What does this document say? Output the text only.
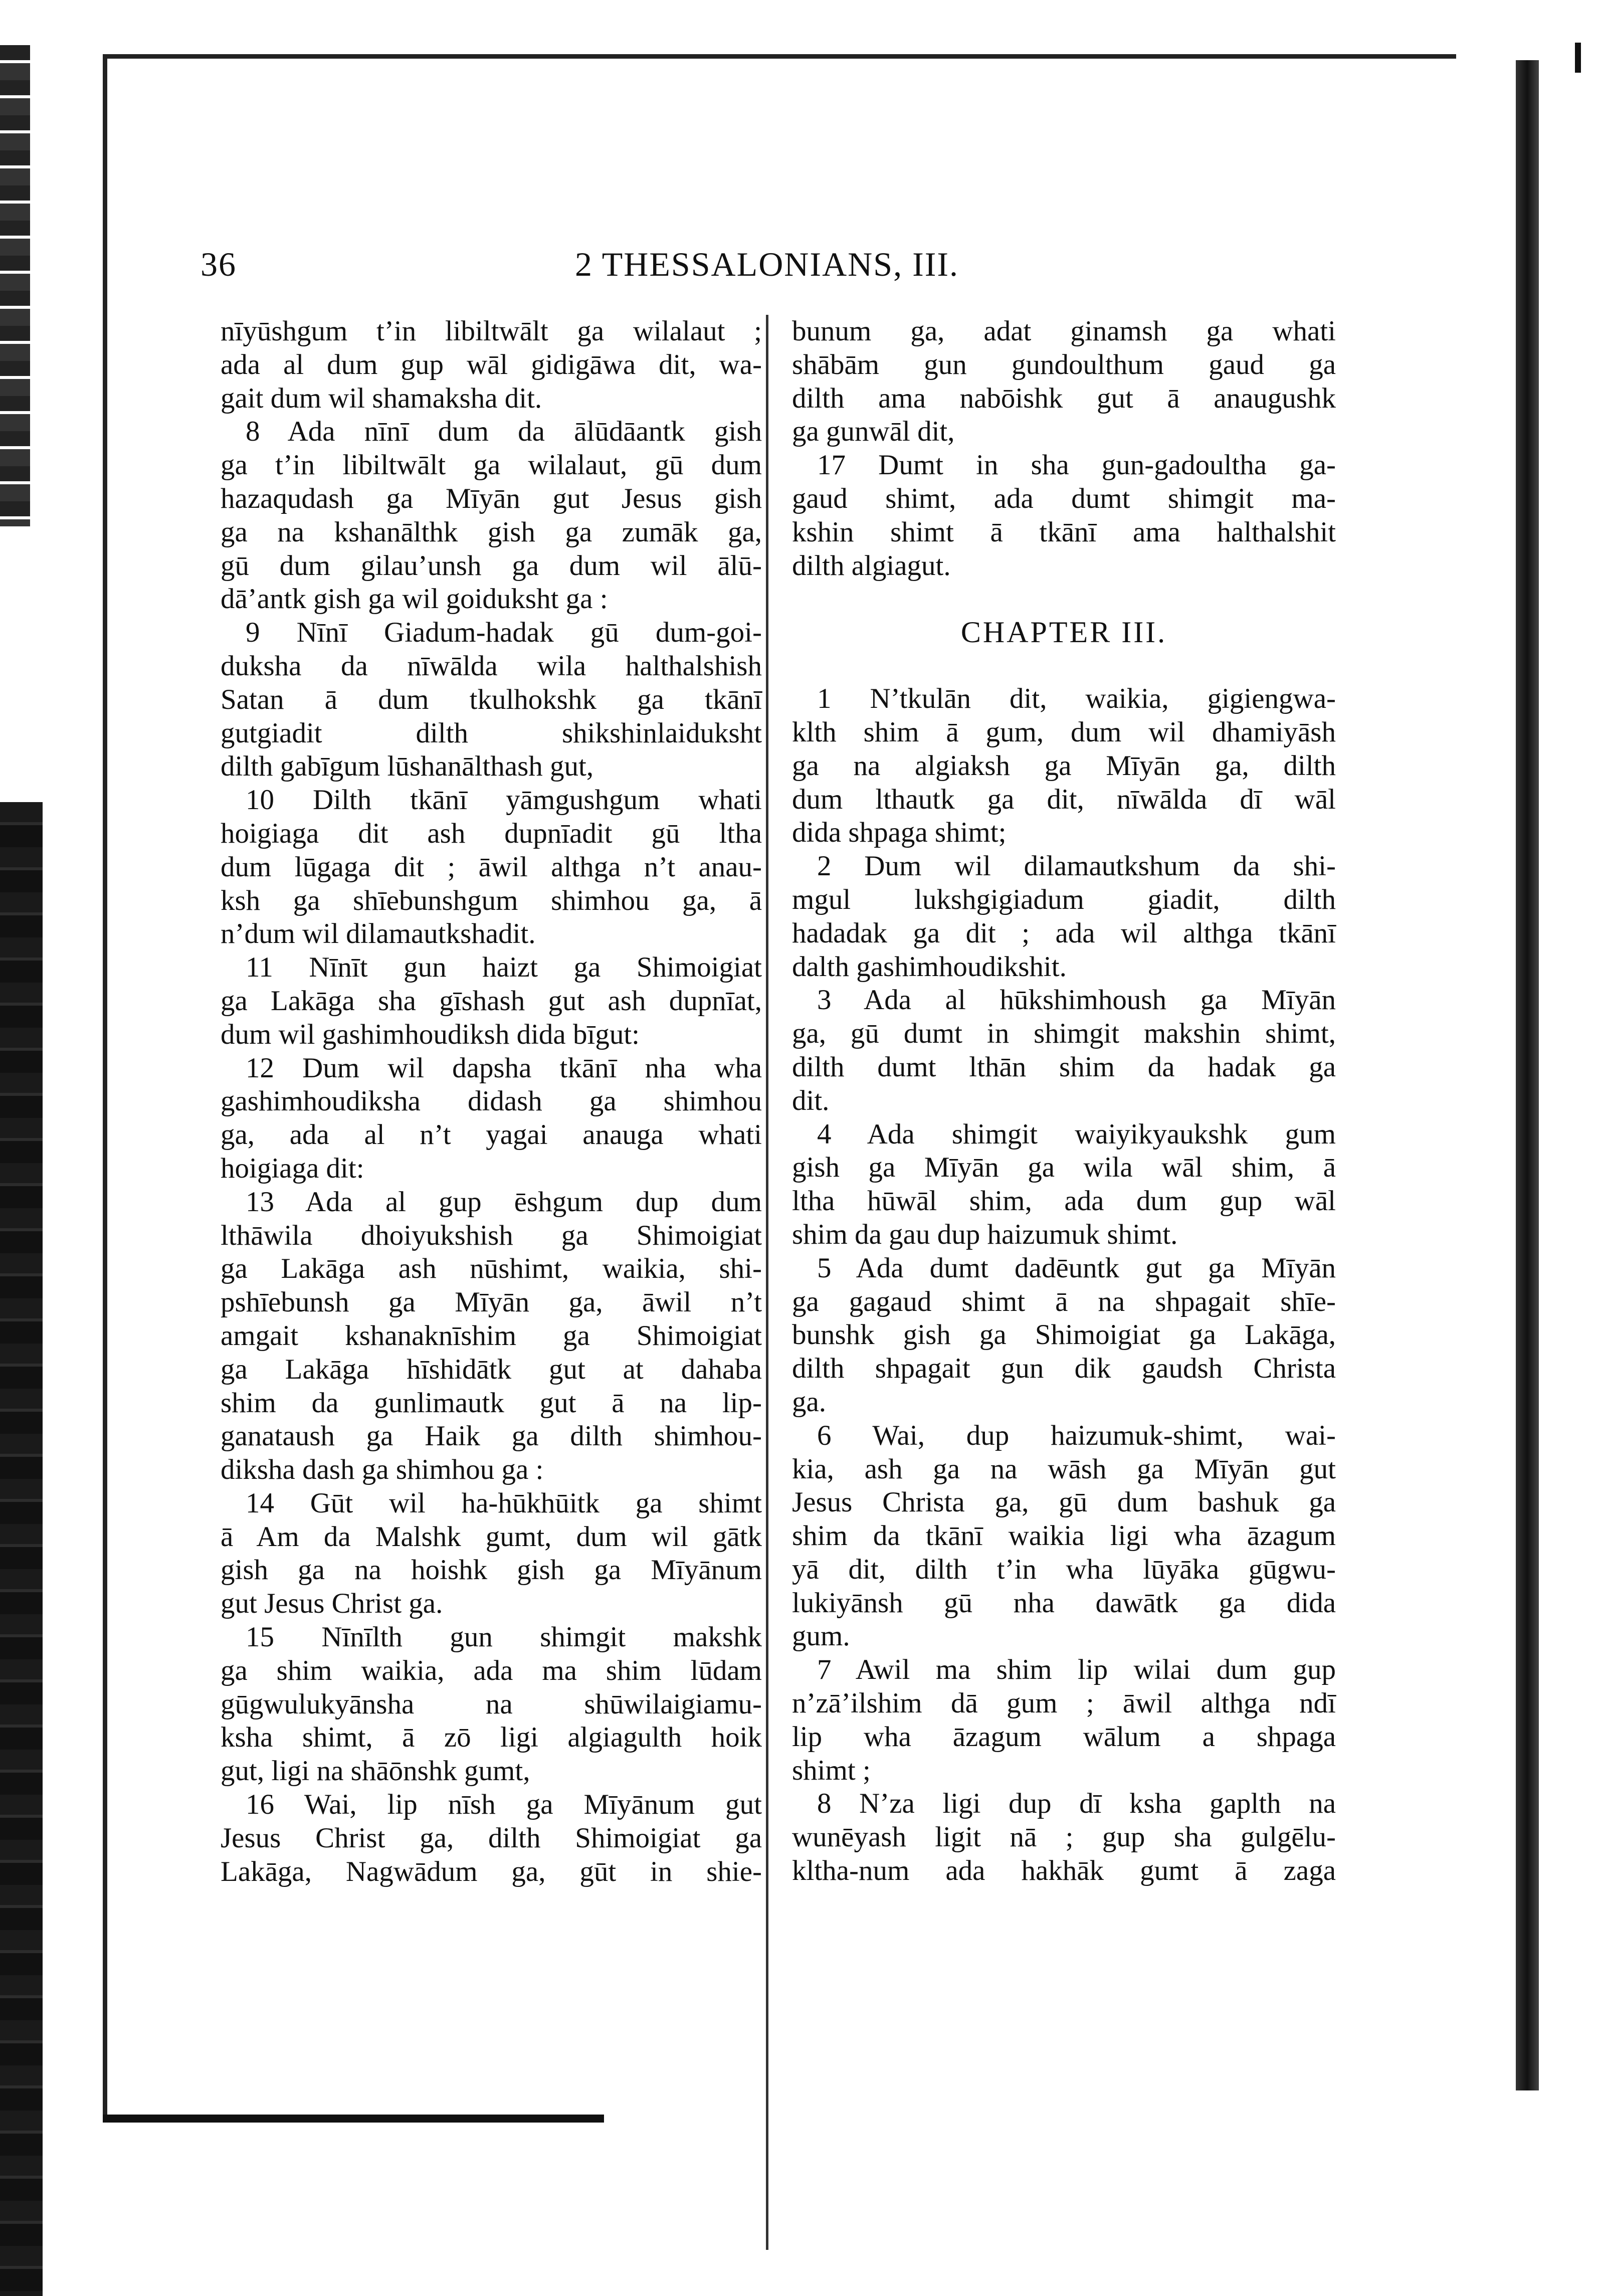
36	2 THESSALONIANS, III.
nīyūshgum t’in libiltwālt ga wilalaut ;
ada al dum gup wāl gidigāwa dit, wa-
gait dum wil shamaksha dit.
8 Ada nīnī dum da ālūdāantk gish
ga t’in libiltwālt ga wilalaut, gū dum
hazaqudash ga Mīyān gut Jesus gish
ga na kshanālthk gish ga zumāk ga,
gū dum gilau’unsh ga dum wil ālū-
dā’antk gish ga wil goiduksht ga :
9 Nīnī Giadum-hadak gū dum-goi-
duksha da nīwālda wila halthalshish
Satan ā dum tkulhokshk ga tkānī
gutgiadit dilth shikshinlaiduksht
dilth gabīgum lūshanālthash gut,
10 Dilth tkānī yāmgushgum whati
hoigiaga dit ash dupnīadit gū ltha
dum lūgaga dit ; āwil althga n’t anau-
ksh ga shīebunshgum shimhou ga, ā
n’dum wil dilamautkshadit.
11 Nīnīt gun haizt ga Shimoigiat
ga Lakāga sha gīshash gut ash dupnīat,
dum wil gashimhoudiksh dida bīgut:
12 Dum wil dapsha tkānī nha wha
gashimhoudiksha didash ga shimhou
ga, ada al n’t yagai anauga whati
hoigiaga dit:
13 Ada al gup ēshgum dup dum
lthāwila dhoiyukshish ga Shimoigiat
ga Lakāga ash nūshimt, waikia, shi-
pshīebunsh ga Mīyān ga, āwil n’t
amgait kshanaknīshim ga Shimoigiat
ga Lakāga hīshidātk gut at dahaba
shim da gunlimautk gut ā na lip-
ganataush ga Haik ga dilth shimhou-
diksha dash ga shimhou ga :
14 Gūt wil ha-hūkhūitk ga shimt
ā Am da Malshk gumt, dum wil gātk
gish ga na hoishk gish ga Mīyānum
gut Jesus Christ ga.
15 Nīnīlth gun shimgit makshk
ga shim waikia, ada ma shim lūdam
gūgwulukyānsha na shūwilaigiamu-
ksha shimt, ā zō ligi algiagulth hoik
gut, ligi na shāōnshk gumt,
16 Wai, lip nīsh ga Mīyānum gut
Jesus Christ ga, dilth Shimoigiat ga
Lakāga, Nagwādum ga, gūt in shie-
bunum ga, adat ginamsh ga whati
shābām gun gundoulthum gaud ga
dilth ama nabōishk gut ā anaugushk
ga gunwāl dit,
17 Dumt in sha gun-gadoultha ga-
gaud shimt, ada dumt shimgit ma-
kshin shimt ā tkānī ama halthalshit
dilth algiagut.
CHAPTER III.
1 N’tkulān dit, waikia, gigiengwa-
klth shim ā gum, dum wil dhamiyāsh
ga na algiaksh ga Mīyān ga, dilth
dum lthautk ga dit, nīwālda dī wāl
dida shpaga shimt;
2 Dum wil dilamautkshum da shi-
mgul lukshgigiadum giadit, dilth
hadadak ga dit ; ada wil althga tkānī
dalth gashimhoudikshit.
3 Ada al hūkshimhoush ga Mīyān
ga, gū dumt in shimgit makshin shimt,
dilth dumt lthān shim da hadak ga
dit.
4 Ada shimgit waiyikyaukshk gum
gish ga Mīyān ga wila wāl shim, ā
ltha hūwāl shim, ada dum gup wāl
shim da gau dup haizumuk shimt.
5 Ada dumt dadēuntk gut ga Mīyān
ga gagaud shimt ā na shpagait shīe-
bunshk gish ga Shimoigiat ga Lakāga,
dilth shpagait gun dik gaudsh Christa
ga.
6 Wai, dup haizumuk-shimt, wai-
kia, ash ga na wāsh ga Mīyān gut
Jesus Christa ga, gū dum bashuk ga
shim da tkānī waikia ligi wha āzagum
yā dit, dilth t’in wha lūyāka gūgwu-
lukiyānsh gū nha dawātk ga dida
gum.
7 Awil ma shim lip wilai dum gup
n’zā’ilshim dā gum ; āwil althga ndī
lip wha āzagum wālum a shpaga
shimt ;
8 N’za ligi dup dī ksha gaplth na
wunēyash ligit nā ; gup sha gulgēlu-
kltha-num ada hakhāk gumt ā zaga
